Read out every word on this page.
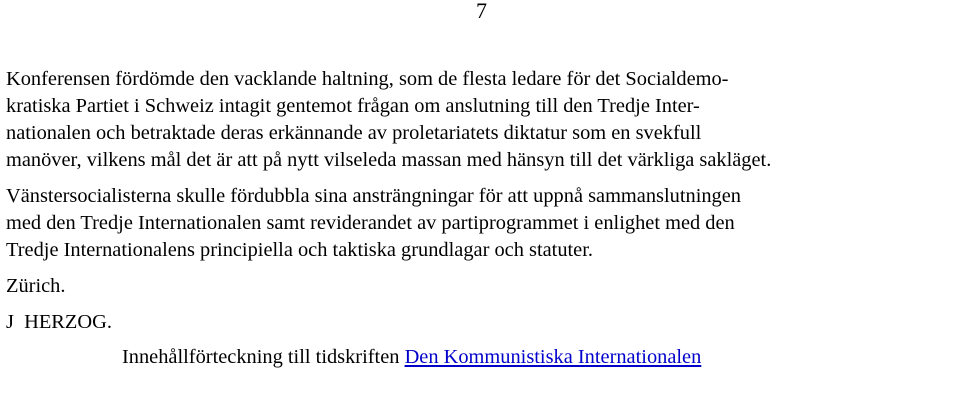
7

Konferensen fördömde den vacklande haltning, som de flesta ledare för det Socialdemo-
kratiska Partiet i Schweiz intagit gentemot frågan om anslutning till den Tredje Inter-
nationalen och betraktade deras erkännande av proletariatets diktatur som en svekfull
manöver, vilkens mål det är att på nytt vilseleda massan med hänsyn till det värkliga sakläget.

Vänstersocialisterna skulle fördubbla sina ansträngningar för att uppnå sammanslutningen
med den Tredje Internationalen samt reviderandet av partiprogrammet i enlighet med den
Tredje Internationalens principiella och taktiska grundlagar och statuter.

Zürich.

J  HERZOG.

Innehållförteckning till tidskriften Den Kommunistiska Internationalen
